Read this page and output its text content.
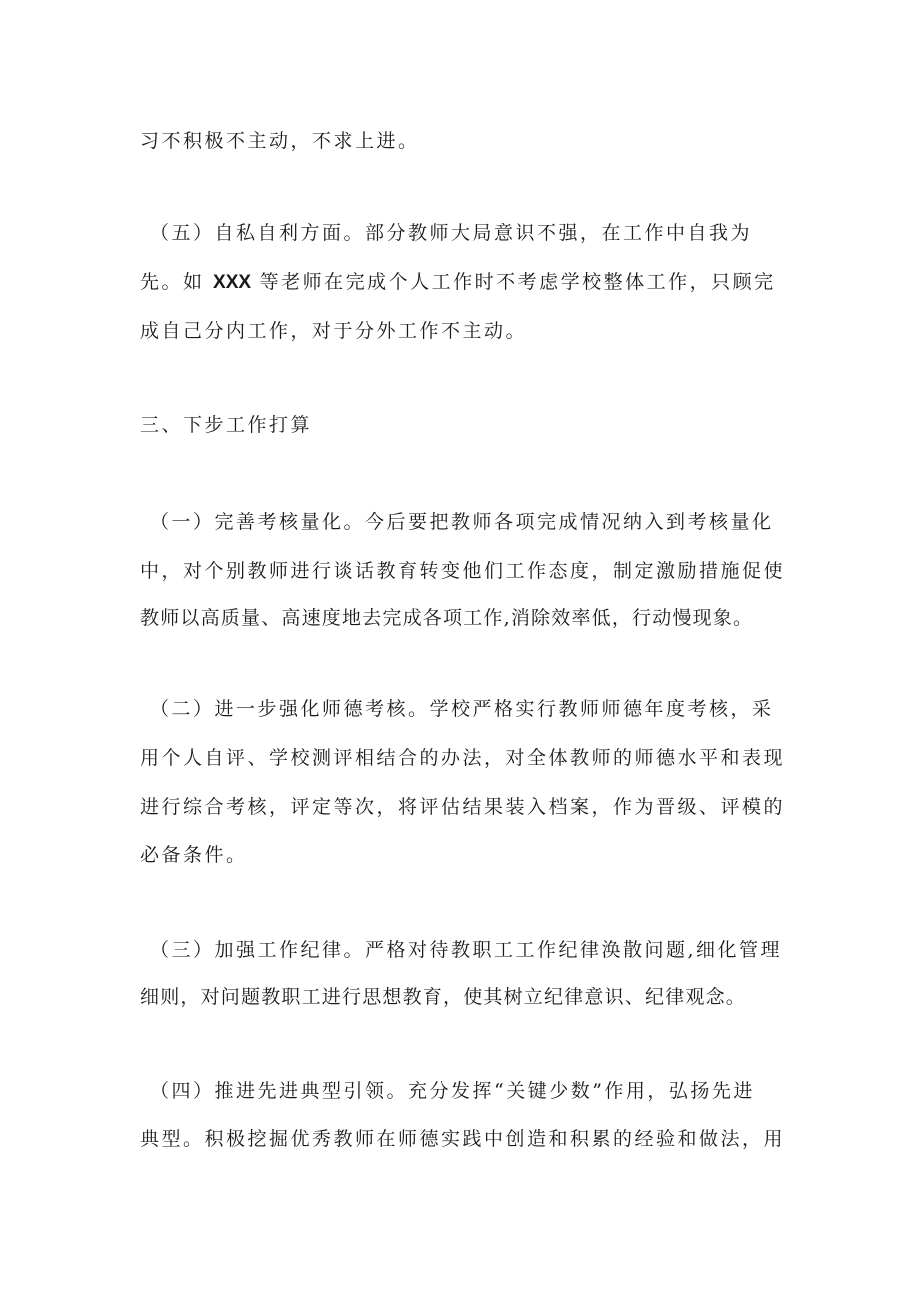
习不积极不主动，不求上进。
（五）自私自利方面。部分教师大局意识不强，在工作中自我为
先。如 XXX 等老师在完成个人工作时不考虑学校整体工作，只顾完
成自己分内工作，对于分外工作不主动。
三、下步工作打算
（一）完善考核量化。今后要把教师各项完成情况纳入到考核量化
中，对个别教师进行谈话教育转变他们工作态度，制定激励措施促使
教师以高质量、高速度地去完成各项工作,消除效率低，行动慢现象。
（二）进一步强化师德考核。学校严格实行教师师德年度考核，采
用个人自评、学校测评相结合的办法，对全体教师的师德水平和表现
进行综合考核，评定等次，将评估结果装入档案，作为晋级、评模的
必备条件。
（三）加强工作纪律。严格对待教职工工作纪律涣散问题,细化管理
细则，对问题教职工进行思想教育，使其树立纪律意识、纪律观念。
（四）推进先进典型引领。充分发挥“关键少数”作用，弘扬先进
典型。积极挖掘优秀教师在师德实践中创造和积累的经验和做法，用
